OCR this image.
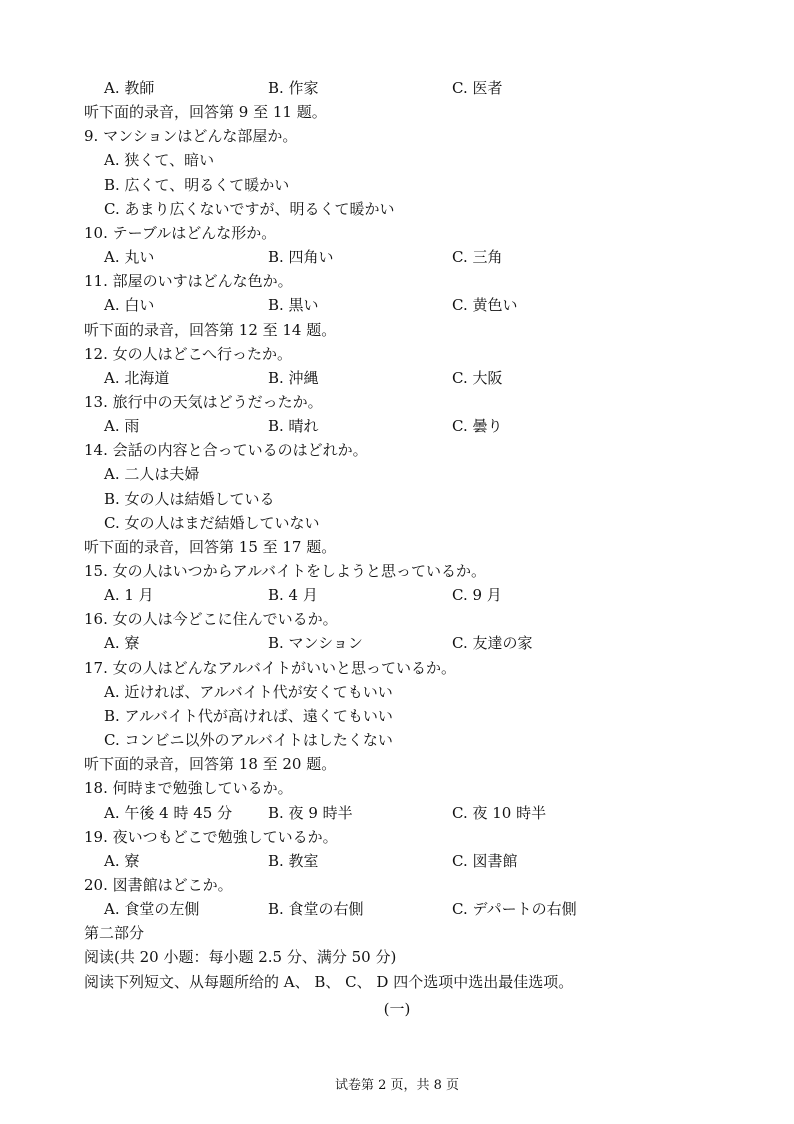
A. 教師	B. 作家	C. 医者
听下面的录音，回答第 9 至 11 题。
9. マンションはどんな部屋か。
A. 狭くて、暗い
B. 広くて、明るくて暖かい
C. あまり広くないですが、明るくて暖かい
10. テーブルはどんな形か。
A. 丸い	B. 四角い	C. 三角
11. 部屋のいすはどんな色か。
A. 白い	B. 黒い	C. 黄色い
听下面的录音，回答第 12 至 14 题。
12. 女の人はどこへ行ったか。
A. 北海道	B. 沖縄	C. 大阪
13. 旅行中の天気はどうだったか。
A. 雨	B. 晴れ	C. 曇り
14. 会話の内容と合っているのはどれか。
A. 二人は夫婦
B. 女の人は結婚している
C. 女の人はまだ結婚していない
听下面的录音，回答第 15 至 17 题。
15. 女の人はいつからアルバイトをしようと思っているか。
A. 1 月	B. 4 月	C. 9 月
16. 女の人は今どこに住んでいるか。
A. 寮	B. マンション	C. 友達の家
17. 女の人はどんなアルバイトがいいと思っているか。
A. 近ければ、アルバイト代が安くてもいい
B. アルバイト代が高ければ、遠くてもいい
C. コンビニ以外のアルバイトはしたくない
听下面的录音，回答第 18 至 20 题。
18. 何時まで勉強しているか。
A. 午後 4 時 45 分 B. 夜 9 時半	C. 夜 10 時半
19. 夜いつもどこで勉強しているか。
A. 寮	B. 教室	C. 図書館
20. 図書館はどこか。
A. 食堂の左側	B. 食堂の右側	C. デパートの右側
第二部分
阅读(共 20 小题：每小题 2.5 分、满分 50 分)
阅读下列短文、从每题所给的 A、 B、 C、 D 四个选项中选出最佳选项。
(一)
试卷第 2 页，共 8 页
